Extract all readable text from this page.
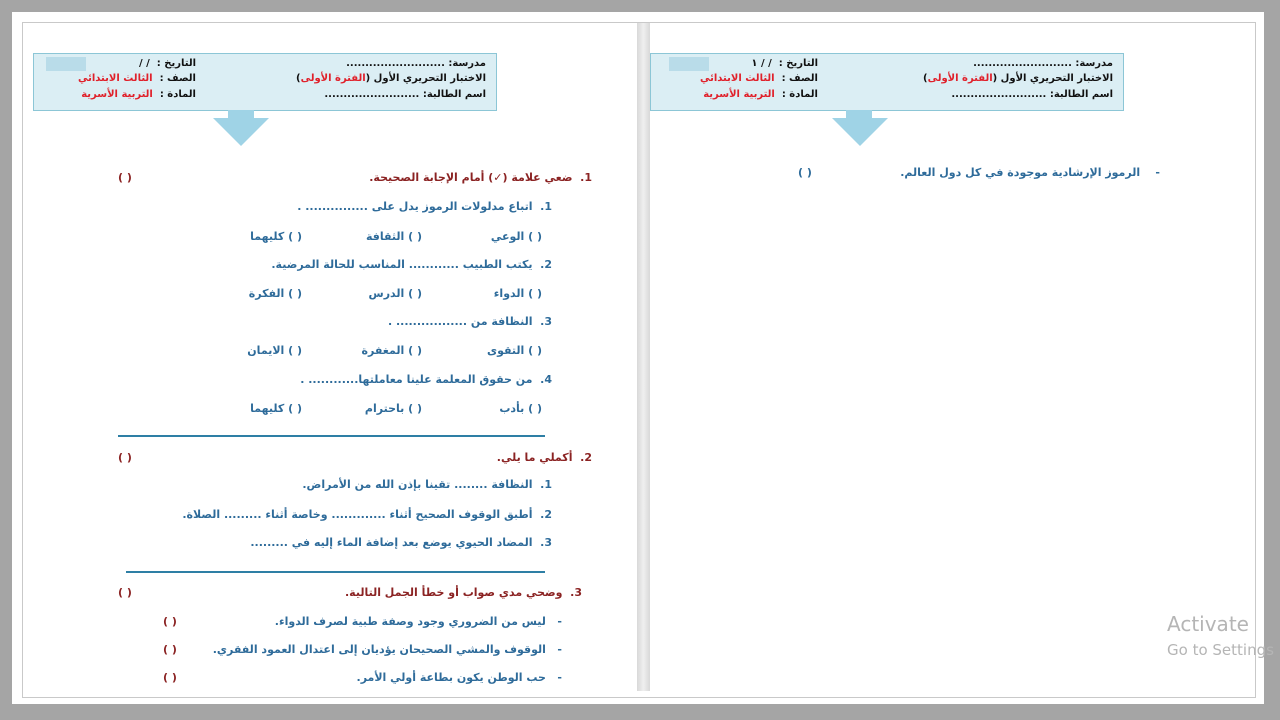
مدرسة: ..........................
التاريخ :  / /
الاختبار التحريري الأول (الفترة الأولى)
الصف :  الثالث الابتدائي
اسم الطالبة: .........................
المادة :  التربية الأسرية
1.  ضعي علامة (✓) أمام الإجابة الصحيحة.
( )
1.  اتباع مدلولات الرموز يدل على ............... .
( ) الوعي
( ) الثقافة
( ) كليهما
2.  يكتب الطبيب ............ المناسب للحالة المرضية.
( ) الدواء
( ) الدرس
( ) الفكرة
3.  النظافة من ................. .
( ) التقوى
( ) المغفرة
( ) الايمان
4.  من حقوق المعلمة علينا معاملتها............ .
( ) بأدب
( ) باحترام
( ) كليهما
2.  أكملي ما يلي.
( )
1.  النظافة ........ تقينا بإذن الله من الأمراض.
2.  أطبق الوقوف الصحيح أثناء ............. وخاصة أثناء ......... الصلاة.
3.  المضاد الحيوي يوضع بعد إضافة الماء إليه في .........
3.  وضحي مدي صواب أو خطأ الجمل التالية.
( )
-   ليس من الضروري وجود وصفة طبية لصرف الدواء.
( )
-   الوقوف والمشي الصحيحان يؤديان إلى اعتدال العمود الفقري.
( )
-   حب الوطن يكون بطاعة أولي الأمر.
( )
مدرسة: ..........................
التاريخ :  / / ١
الاختبار التحريري الأول (الفترة الأولى)
الصف :  الثالث الابتدائي
اسم الطالبة: .........................
المادة :  التربية الأسرية
-    الرموز الإرشادية موجودة في كل دول العالم.
( )
Activate
Go to Settings
